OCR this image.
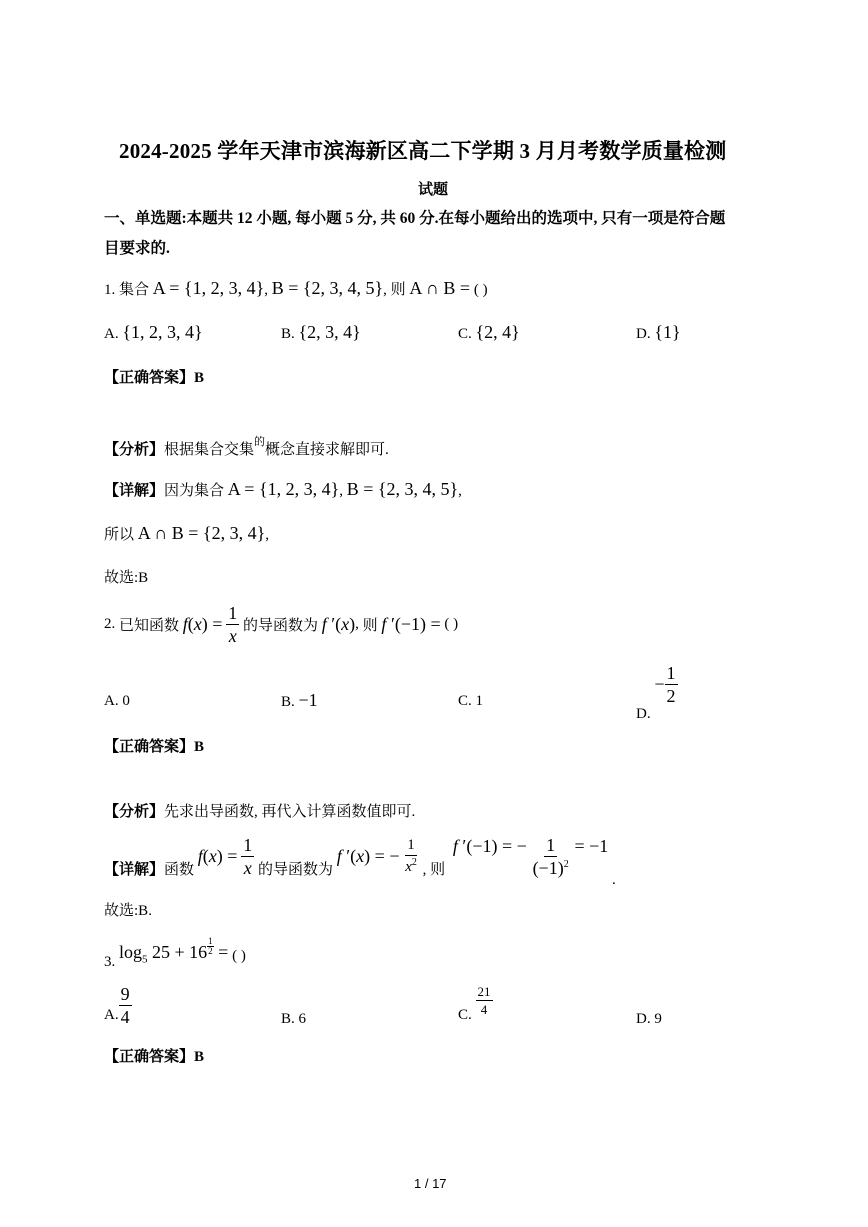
2024-2025 学年天津市滨海新区高二下学期 3 月月考数学质量检测
试题
一、单选题:本题共 12 小题, 每小题 5 分, 共 60 分.在每小题给出的选项中, 只有一项是符合题
目要求的.
1. 集合 A = {1, 2, 3, 4}, B = {2, 3, 4, 5}, 则 A ∩ B = ( )
A. {1, 2, 3, 4}	B. {2, 3, 4}	C. {2, 4}	D. {1}
【正确答案】B
【分析】根据集合交集$^的$概念直接求解即可.
【详解】因为集合 A = {1, 2, 3, 4}, B = {2, 3, 4, 5},
所以 A ∩ B = {2, 3, 4},
故选:B
2. 已知函数 $f(x) = \frac{1}{x}$ 的导函数为 f ′(x), 则 f ′(−1) = ( )
A. 0	B. −1	C. 1
D. − $\frac{1}{2}$
【正确答案】B
【分析】先求出导函数, 再代入计算函数值即可.
【详解】函数 $f(x) = \frac{1}{x}$ 的导函数为 f ′(x) = − $\frac{1}{x^2}$ , 则 f ′(−1) = − $\frac{1}{(-1)^2} = -1$ .
故选:B.
3. $\log_5 25 + 16 \frac{1}{2}$ = ( )
A. $\frac{9}{4}$	B. 6	C. $\frac{21}{4}$
D. 9
【正确答案】B
1 / 17
